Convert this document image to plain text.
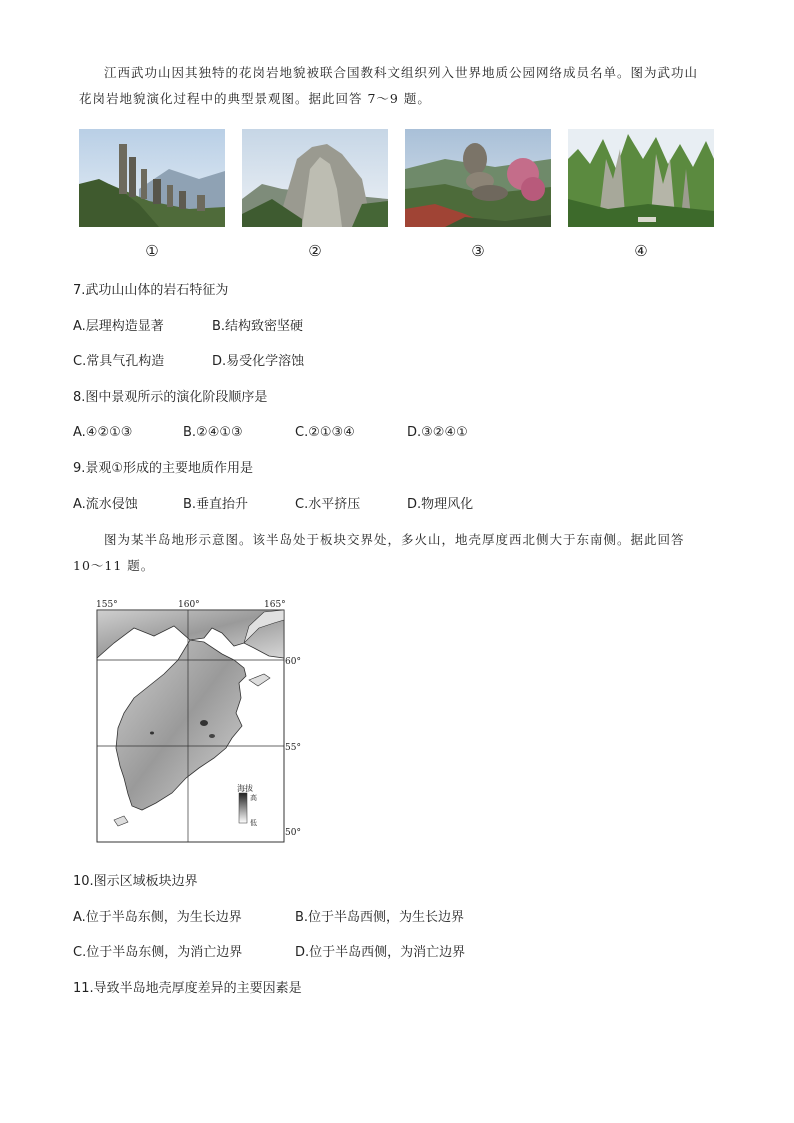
江西武功山因其独特的花岗岩地貌被联合国教科文组织列入世界地质公园网络成员名单。图为武功山
花岗岩地貌演化过程中的典型景观图。据此回答 7～9 题。
①	②	③	④
7.武功山山体的岩石特征为
A.层理构造显著	B.结构致密坚硬
C.常具气孔构造	D.易受化学溶蚀
8.图中景观所示的演化阶段顺序是
A.④②①③	B.②④①③	C.②①③④	D.③②④①
9.景观①形成的主要地质作用是
A.流水侵蚀	B.垂直抬升	C.水平挤压	D.物理风化
图为某半岛地形示意图。该半岛处于板块交界处，多火山，地壳厚度西北侧大于东南侧。据此回答
10～11 题。
海拔
高
低
155°	160°	165°
60°
55°
50°
10.图示区域板块边界
A.位于半岛东侧，为生长边界	B.位于半岛西侧，为生长边界
C.位于半岛东侧，为消亡边界	D.位于半岛西侧，为消亡边界
11.导致半岛地壳厚度差异的主要因素是
